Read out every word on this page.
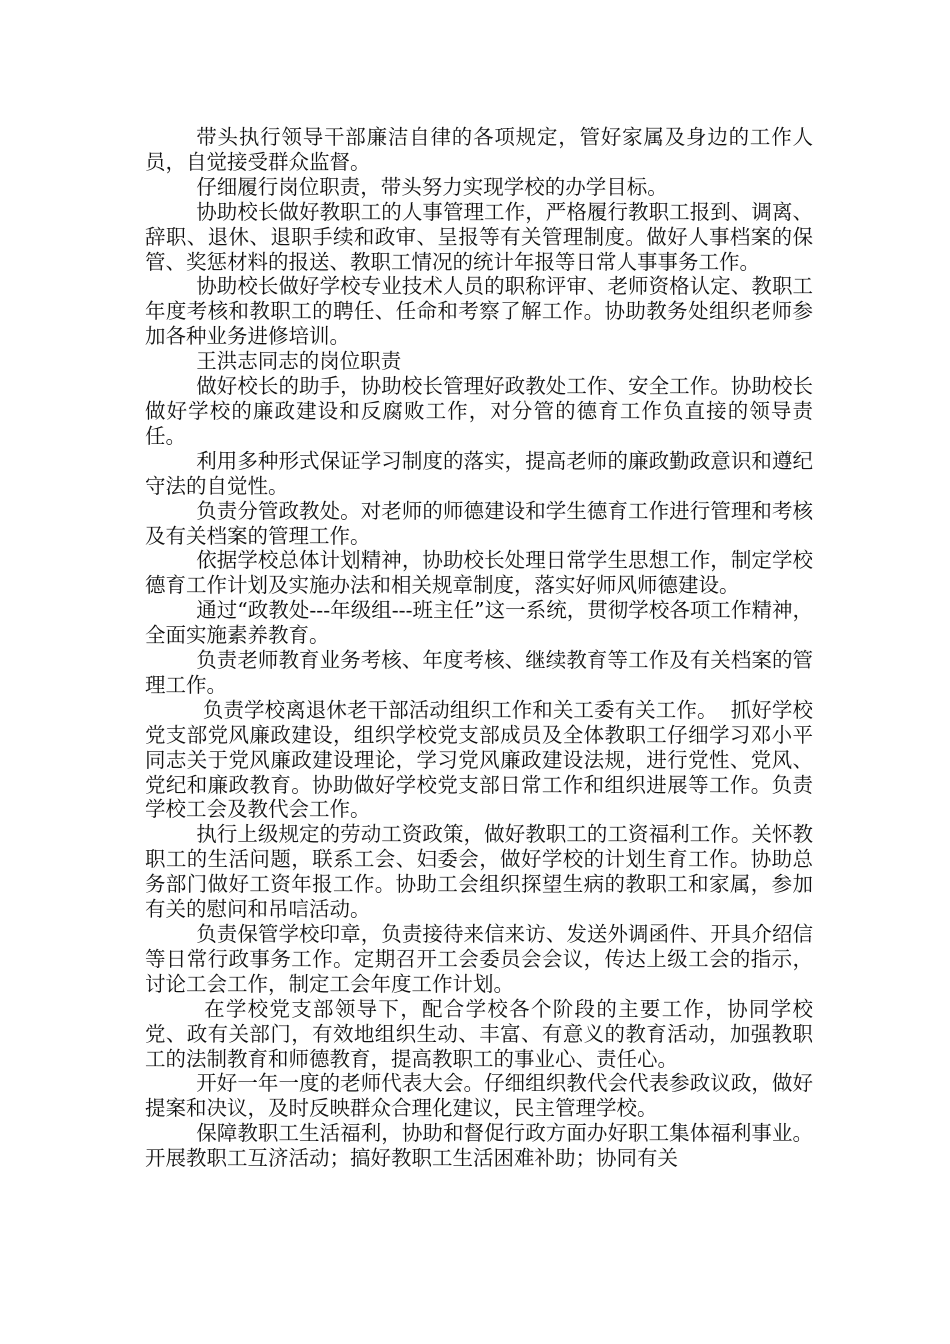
带头执行领导干部廉洁自律的各项规定，管好家属及身边的工作人员，自觉接受群众监督。

仔细履行岗位职责，带头努力实现学校的办学目标。

协助校长做好教职工的人事管理工作，严格履行教职工报到、调离、辞职、退休、退职手续和政审、呈报等有关管理制度。做好人事档案的保管、奖惩材料的报送、教职工情况的统计年报等日常人事事务工作。

协助校长做好学校专业技术人员的职称评审、老师资格认定、教职工年度考核和教职工的聘任、任命和考察了解工作。协助教务处组织老师参加各种业务进修培训。

王洪志同志的岗位职责

做好校长的助手，协助校长管理好政教处工作、安全工作。协助校长做好学校的廉政建设和反腐败工作，对分管的德育工作负直接的领导责任。

利用多种形式保证学习制度的落实，提高老师的廉政勤政意识和遵纪守法的自觉性。

负责分管政教处。对老师的师德建设和学生德育工作进行管理和考核及有关档案的管理工作。

依据学校总体计划精神，协助校长处理日常学生思想工作，制定学校德育工作计划及实施办法和相关规章制度，落实好师风师德建设。

通过“政教处---年级组---班主任”这一系统，贯彻学校各项工作精神，全面实施素养教育。

负责老师教育业务考核、年度考核、继续教育等工作及有关档案的管理工作。

负责学校离退休老干部活动组织工作和关工委有关工作。  抓好学校党支部党风廉政建设，组织学校党支部成员及全体教职工仔细学习邓小平同志关于党风廉政建设理论，学习党风廉政建设法规，进行党性、党风、党纪和廉政教育。协助做好学校党支部日常工作和组织进展等工作。负责学校工会及教代会工作。

执行上级规定的劳动工资政策，做好教职工的工资福利工作。关怀教职工的生活问题，联系工会、妇委会，做好学校的计划生育工作。协助总务部门做好工资年报工作。协助工会组织探望生病的教职工和家属，参加有关的慰问和吊唁活动。

负责保管学校印章，负责接待来信来访、发送外调函件、开具介绍信等日常行政事务工作。定期召开工会委员会会议，传达上级工会的指示，讨论工会工作，制定工会年度工作计划。

在学校党支部领导下，配合学校各个阶段的主要工作，协同学校党、政有关部门，有效地组织生动、丰富、有意义的教育活动，加强教职工的法制教育和师德教育，提高教职工的事业心、责任心。

开好一年一度的老师代表大会。仔细组织教代会代表参政议政，做好提案和决议，及时反映群众合理化建议，民主管理学校。

保障教职工生活福利，协助和督促行政方面办好职工集体福利事业。开展教职工互济活动；搞好教职工生活困难补助；协同有关
